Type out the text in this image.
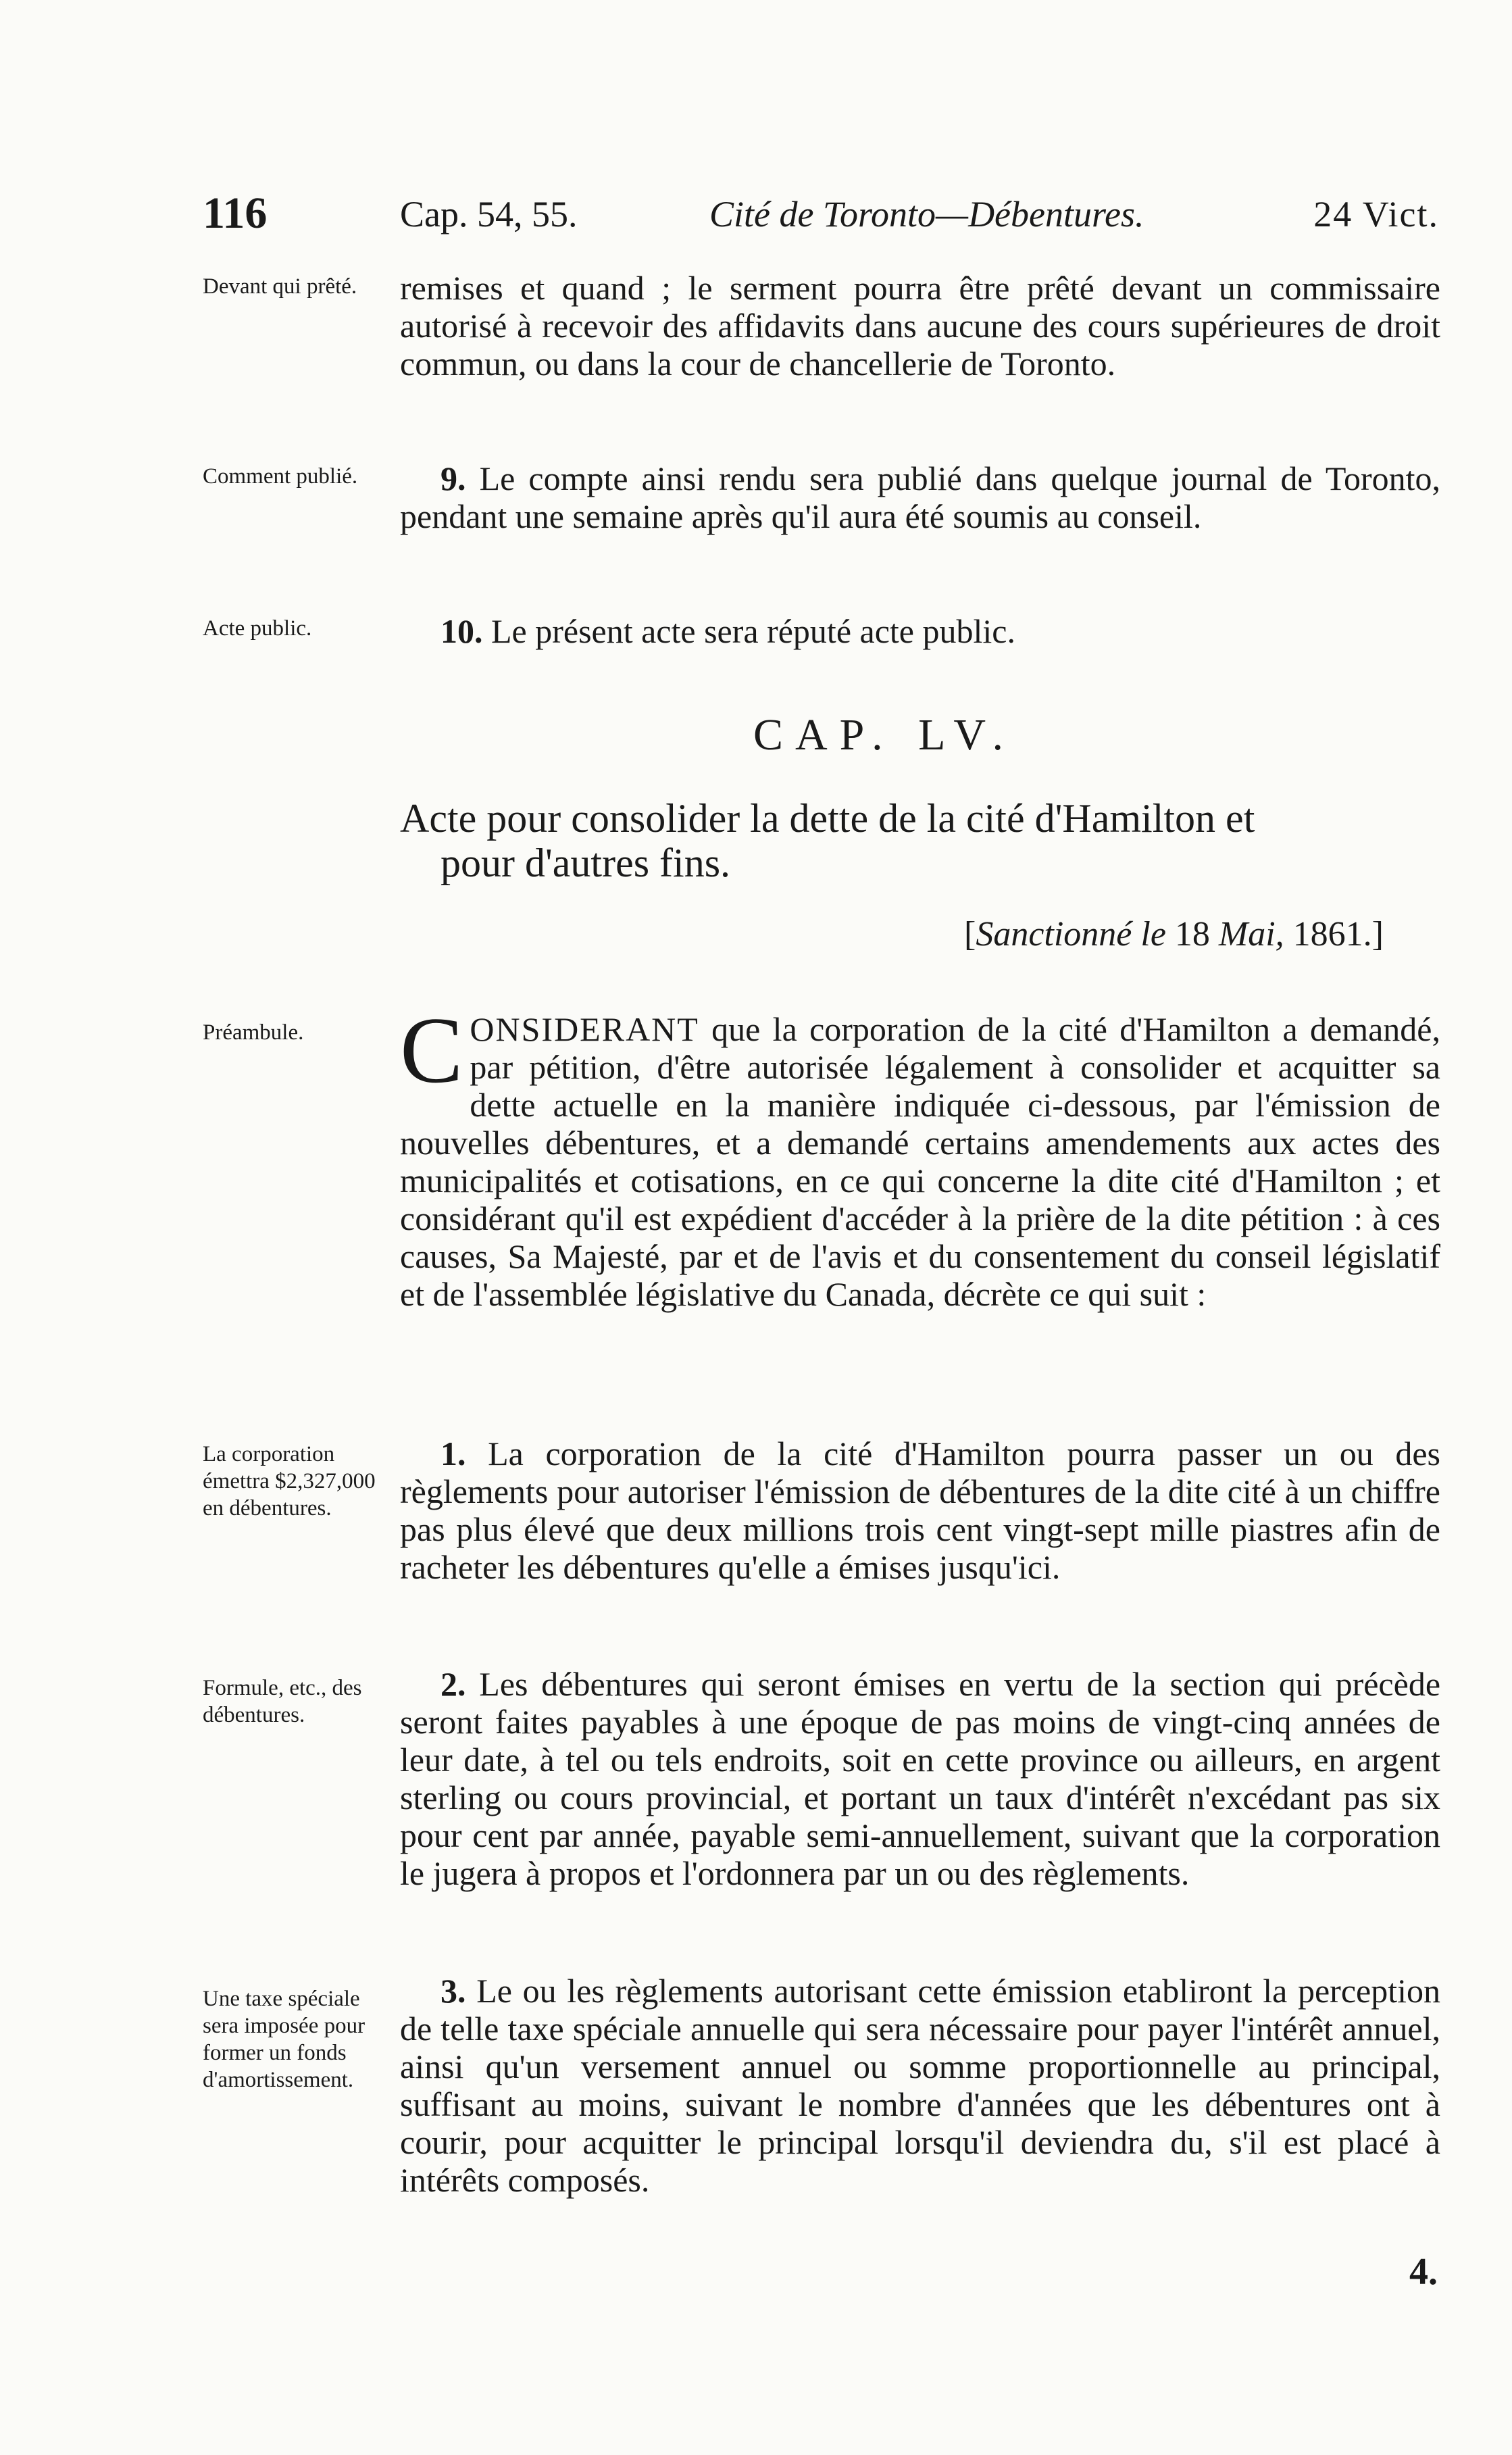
116	Cap. 54, 55.	Cité de Toronto—Débentures.	24 Vict.
Devant qui prêté.
Comment publié.
Acte public.
Préambule.
La corporation émettra $2,327,000 en débentures.
Formule, etc., des débentures.
Une taxe spéciale sera imposée pour former un fonds d'amortissement.

remises et quand ; le serment pourra être prêté devant un commissaire autorisé à recevoir des affidavits dans aucune des cours supérieures de droit commun, ou dans la cour de chancellerie de Toronto.

9. Le compte ainsi rendu sera publié dans quelque journal de Toronto, pendant une semaine après qu'il aura été soumis au conseil.

10. Le présent acte sera réputé acte public.

CAP. LV.
Acte pour consolider la dette de la cité d'Hamilton et
pour d'autres fins.
[Sanctionné le 18 Mai, 1861.]
CONSIDERANT que la corporation de la cité d'Hamilton a demandé, par pétition, d'être autorisée légalement à consolider et acquitter sa dette actuelle en la manière indiquée ci-dessous, par l'émission de nouvelles débentures, et a demandé certains amendements aux actes des municipalités et cotisations, en ce qui concerne la dite cité d'Hamilton ; et considérant qu'il est expédient d'accéder à la prière de la dite pétition : à ces causes, Sa Majesté, par et de l'avis et du consentement du conseil législatif et de l'assemblée législative du Canada, décrète ce qui suit :

1. La corporation de la cité d'Hamilton pourra passer un ou des règlements pour autoriser l'émission de débentures de la dite cité à un chiffre pas plus élevé que deux millions trois cent vingt-sept mille piastres afin de racheter les débentures qu'elle a émises jusqu'ici.

2. Les débentures qui seront émises en vertu de la section qui précède seront faites payables à une époque de pas moins de vingt-cinq années de leur date, à tel ou tels endroits, soit en cette province ou ailleurs, en argent sterling ou cours provincial, et portant un taux d'intérêt n'excédant pas six pour cent par année, payable semi-annuellement, suivant que la corporation le jugera à propos et l'ordonnera par un ou des règlements.

3. Le ou les règlements autorisant cette émission etabliront la perception de telle taxe spéciale annuelle qui sera nécessaire pour payer l'intérêt annuel, ainsi qu'un versement annuel ou somme proportionnelle au principal, suffisant au moins, suivant le nombre d'années que les débentures ont à courir, pour acquitter le principal lorsqu'il deviendra du, s'il est placé à intérêts composés.

4.
